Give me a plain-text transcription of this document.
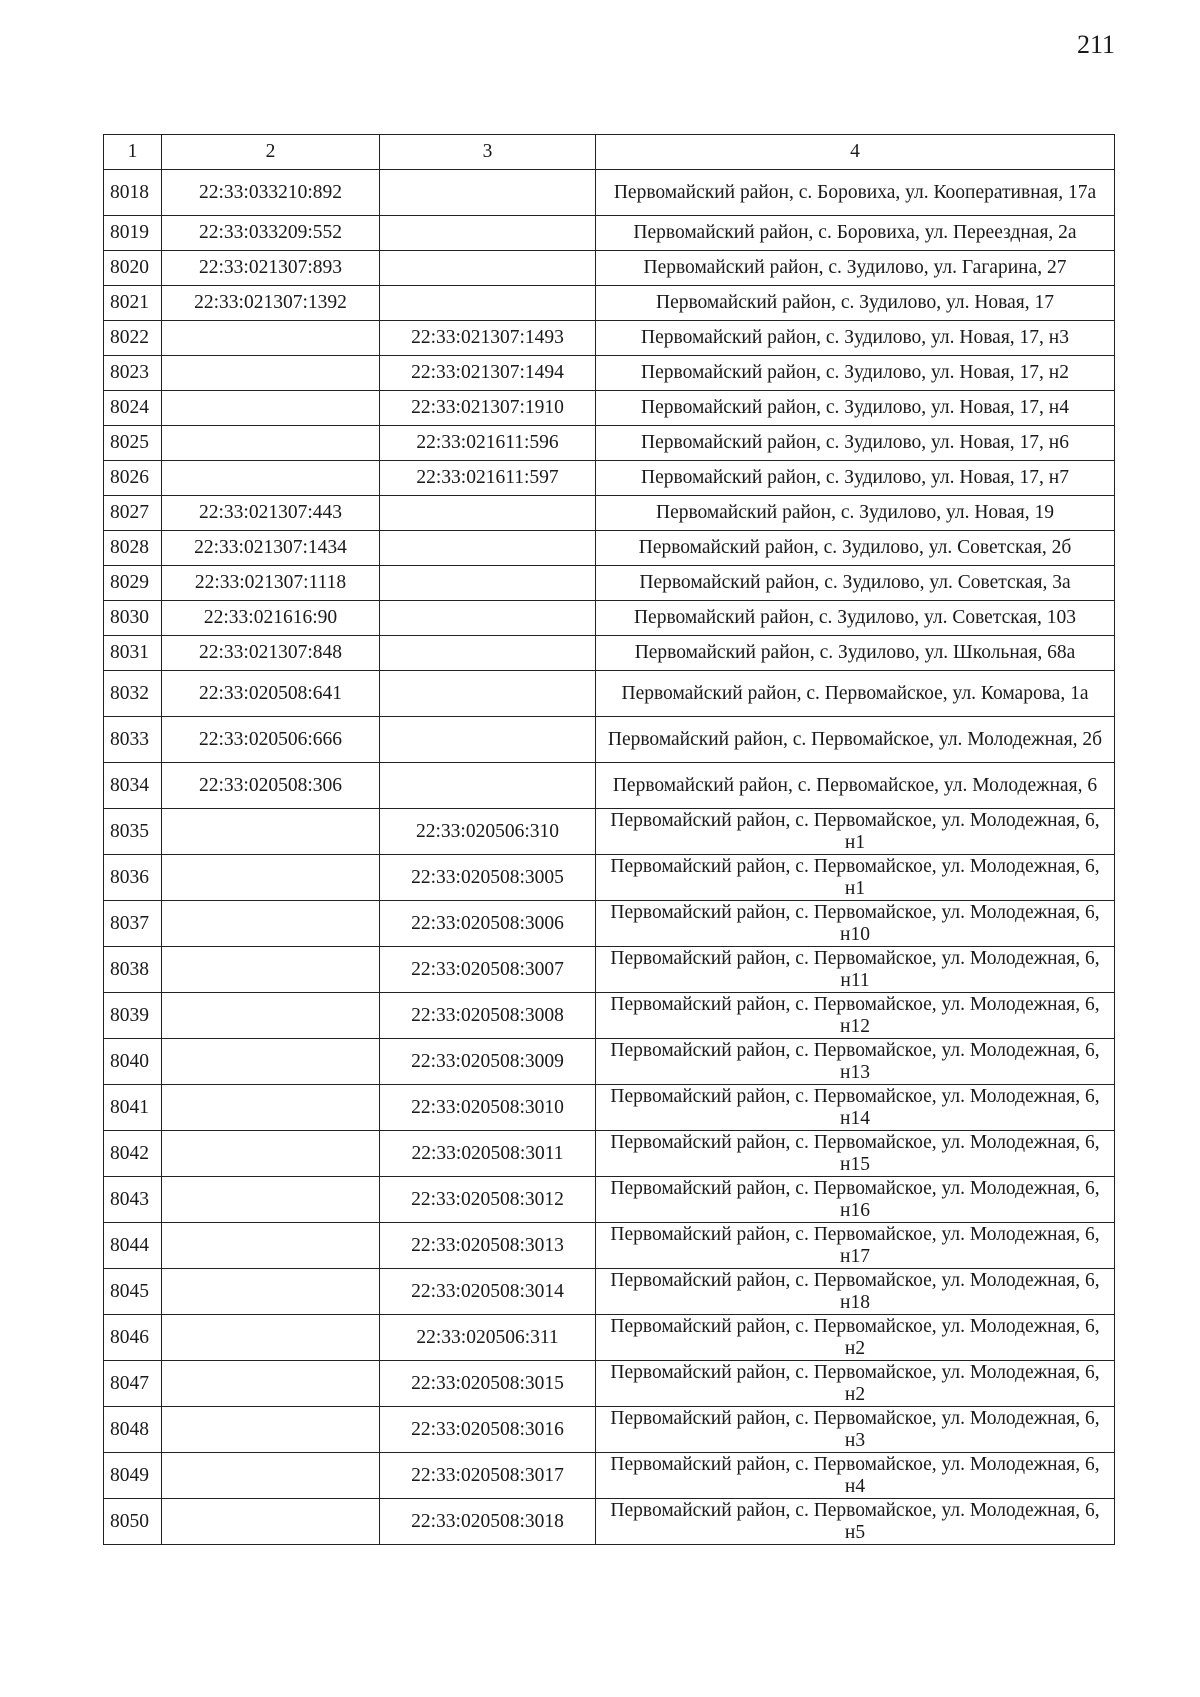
211
1	2	3	4
8018	22:33:033210:892		Первомайский район, с. Боровиха, ул. Кооперативная, 17а
8019	22:33:033209:552		Первомайский район, с. Боровиха, ул. Переездная, 2а
8020	22:33:021307:893		Первомайский район, с. Зудилово, ул. Гагарина, 27
8021	22:33:021307:1392		Первомайский район, с. Зудилово, ул. Новая, 17
8022		22:33:021307:1493	Первомайский район, с. Зудилово, ул. Новая, 17, н3
8023		22:33:021307:1494	Первомайский район, с. Зудилово, ул. Новая, 17, н2
8024		22:33:021307:1910	Первомайский район, с. Зудилово, ул. Новая, 17, н4
8025		22:33:021611:596	Первомайский район, с. Зудилово, ул. Новая, 17, н6
8026		22:33:021611:597	Первомайский район, с. Зудилово, ул. Новая, 17, н7
8027	22:33:021307:443		Первомайский район, с. Зудилово, ул. Новая, 19
8028	22:33:021307:1434		Первомайский район, с. Зудилово, ул. Советская, 2б
8029	22:33:021307:1118		Первомайский район, с. Зудилово, ул. Советская, 3а
8030	22:33:021616:90		Первомайский район, с. Зудилово, ул. Советская, 103
8031	22:33:021307:848		Первомайский район, с. Зудилово, ул. Школьная, 68а
8032	22:33:020508:641		Первомайский район, с. Первомайское, ул. Комарова, 1а
8033	22:33:020506:666		Первомайский район, с. Первомайское, ул. Молодежная, 2б
8034	22:33:020508:306		Первомайский район, с. Первомайское, ул. Молодежная, 6
8035		22:33:020506:310	Первомайский район, с. Первомайское, ул. Молодежная, 6, н1
8036		22:33:020508:3005	Первомайский район, с. Первомайское, ул. Молодежная, 6, н1
8037		22:33:020508:3006	Первомайский район, с. Первомайское, ул. Молодежная, 6, н10
8038		22:33:020508:3007	Первомайский район, с. Первомайское, ул. Молодежная, 6, н11
8039		22:33:020508:3008	Первомайский район, с. Первомайское, ул. Молодежная, 6, н12
8040		22:33:020508:3009	Первомайский район, с. Первомайское, ул. Молодежная, 6, н13
8041		22:33:020508:3010	Первомайский район, с. Первомайское, ул. Молодежная, 6, н14
8042		22:33:020508:3011	Первомайский район, с. Первомайское, ул. Молодежная, 6, н15
8043		22:33:020508:3012	Первомайский район, с. Первомайское, ул. Молодежная, 6, н16
8044		22:33:020508:3013	Первомайский район, с. Первомайское, ул. Молодежная, 6, н17
8045		22:33:020508:3014	Первомайский район, с. Первомайское, ул. Молодежная, 6, н18
8046		22:33:020506:311	Первомайский район, с. Первомайское, ул. Молодежная, 6, н2
8047		22:33:020508:3015	Первомайский район, с. Первомайское, ул. Молодежная, 6, н2
8048		22:33:020508:3016	Первомайский район, с. Первомайское, ул. Молодежная, 6, н3
8049		22:33:020508:3017	Первомайский район, с. Первомайское, ул. Молодежная, 6, н4
8050		22:33:020508:3018	Первомайский район, с. Первомайское, ул. Молодежная, 6, н5
